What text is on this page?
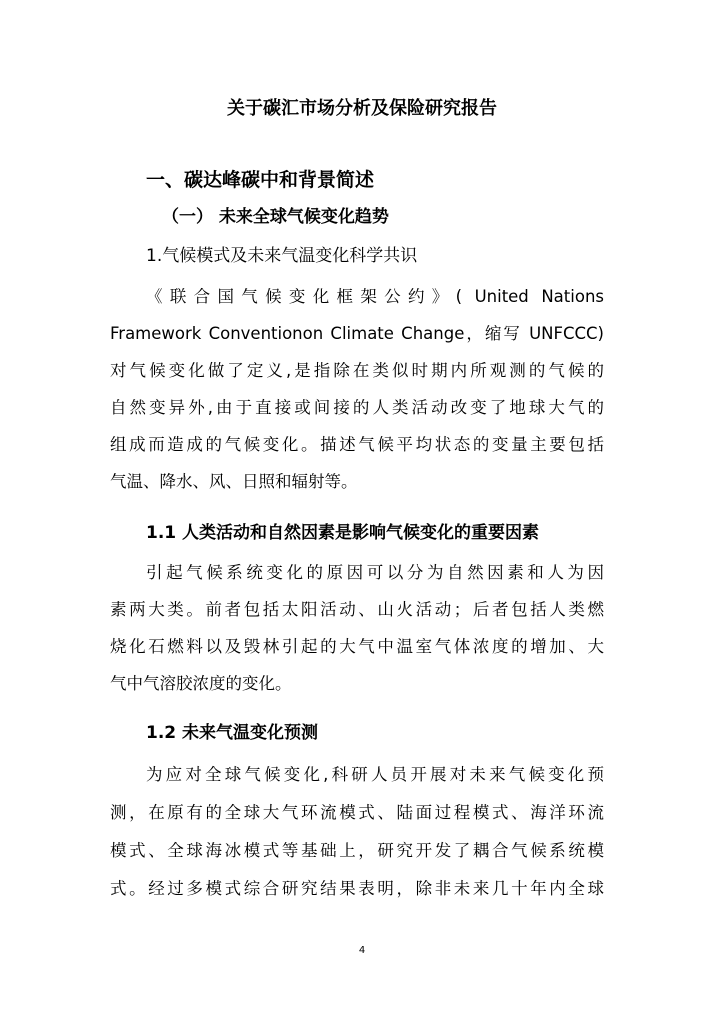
关于碳汇市场分析及保险研究报告
一、碳达峰碳中和背景简述
（一） 未来全球气候变化趋势
1.气候模式及未来气温变化科学共识
《联合国气候变化框架公约》( United Nations
Framework Conventionon Climate Change，缩写 UNFCCC)
对气候变化做了定义,是指除在类似时期内所观测的气候的
自然变异外,由于直接或间接的人类活动改变了地球大气的
组成而造成的气候变化。描述气候平均状态的变量主要包括
气温、降水、风、日照和辐射等。
1.1 人类活动和自然因素是影响气候变化的重要因素
引起气候系统变化的原因可以分为自然因素和人为因
素两大类。前者包括太阳活动、山火活动；后者包括人类燃
烧化石燃料以及毁林引起的大气中温室气体浓度的增加、大
气中气溶胶浓度的变化。
1.2 未来气温变化预测
为应对全球气候变化,科研人员开展对未来气候变化预
测，在原有的全球大气环流模式、陆面过程模式、海洋环流
模式、全球海冰模式等基础上，研究开发了耦合气候系统模
式。经过多模式综合研究结果表明，除非未来几十年内全球
4
